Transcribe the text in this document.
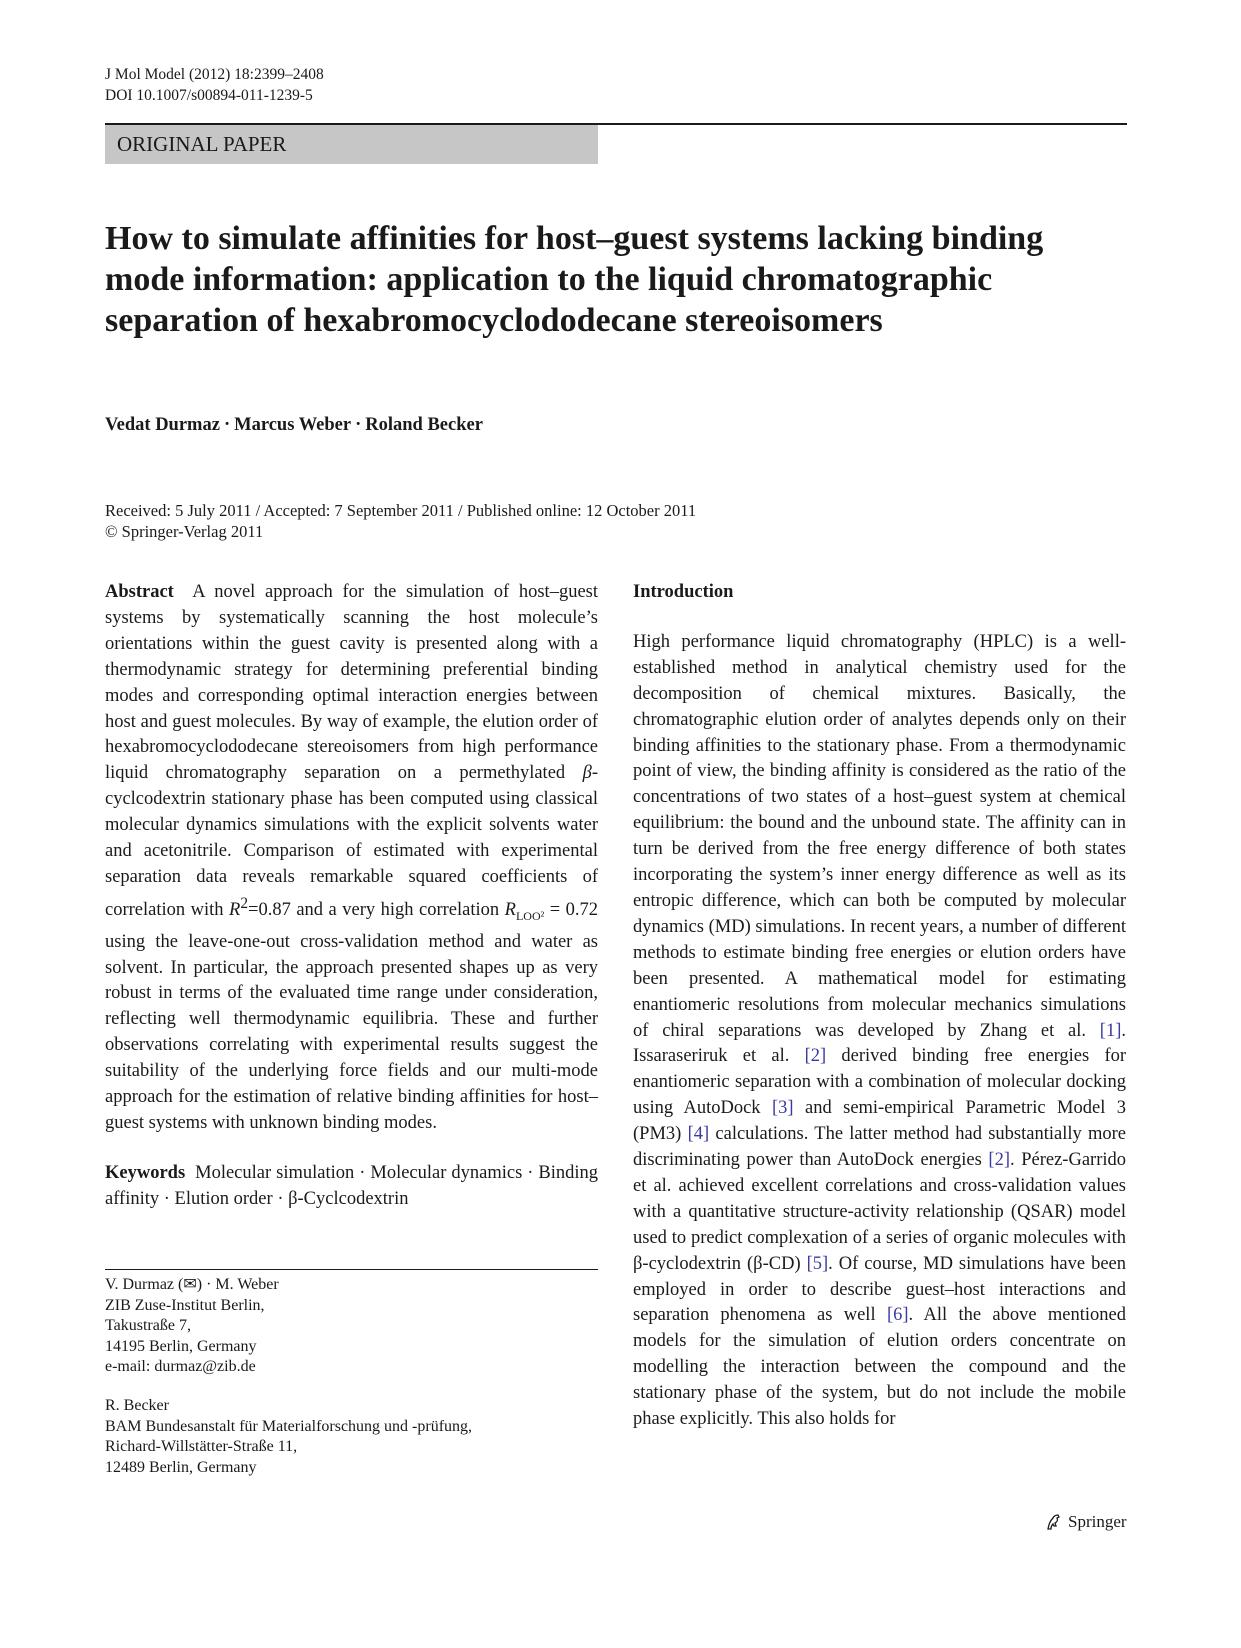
J Mol Model (2012) 18:2399–2408
DOI 10.1007/s00894-011-1239-5
ORIGINAL PAPER
How to simulate affinities for host–guest systems lacking binding mode information: application to the liquid chromatographic separation of hexabromocyclododecane stereoisomers
Vedat Durmaz · Marcus Weber · Roland Becker
Received: 5 July 2011 / Accepted: 7 September 2011 / Published online: 12 October 2011
© Springer-Verlag 2011

Abstract A novel approach for the simulation of host–guest systems by systematically scanning the host molecule’s orientations within the guest cavity is presented along with a thermodynamic strategy for determining preferential binding modes and corresponding optimal interaction energies between host and guest molecules. By way of example, the elution order of hexabromocyclododecane stereoisomers from high performance liquid chromatography separation on a permethylated β-cyclcodextrin stationary phase has been computed using classical molecular dynamics simulations with the explicit solvents water and acetonitrile. Comparison of estimated with experimental separation data reveals remarkable squared coefficients of correlation with $R^2=0.87$ and a very high correlation $R_{LOO^2} = 0.72$ using the leave-one-out cross-validation method and water as solvent. In particular, the approach presented shapes up as very robust in terms of the evaluated time range under consideration, reflecting well thermodynamic equilibria. These and further observations correlating with experimental results suggest the suitability of the underlying force fields and our multi-mode approach for the estimation of relative binding affinities for host–guest systems with unknown binding modes.

Keywords Molecular simulation · Molecular dynamics · Binding affinity · Elution order · β-Cyclcodextrin

V. Durmaz (✉) · M. Weber

ZIB Zuse-Institut Berlin,

Takustraße 7,

14195 Berlin, Germany

e-mail: durmaz@zib.de

R. Becker

BAM Bundesanstalt für Materialforschung und -prüfung,

Richard-Willstätter-Straße 11,

12489 Berlin, Germany

Introduction

High performance liquid chromatography (HPLC) is a well-established method in analytical chemistry used for the decomposition of chemical mixtures. Basically, the chromatographic elution order of analytes depends only on their binding affinities to the stationary phase. From a thermodynamic point of view, the binding affinity is considered as the ratio of the concentrations of two states of a host–guest system at chemical equilibrium: the bound and the unbound state. The affinity can in turn be derived from the free energy difference of both states incorporating the system’s inner energy difference as well as its entropic difference, which can both be computed by molecular dynamics (MD) simulations. In recent years, a number of different methods to estimate binding free energies or elution orders have been presented. A mathematical model for estimating enantiomeric resolutions from molecular mechanics simulations of chiral separations was developed by Zhang et al. [1]. Issaraseriruk et al. [2] derived binding free energies for enantiomeric separation with a combination of molecular docking using AutoDock [3] and semi-empirical Parametric Model 3 (PM3) [4] calculations. The latter method had substantially more discriminating power than AutoDock energies [2]. Pérez-Garrido et al. achieved excellent correlations and cross-validation values with a quantitative structure-activity relationship (QSAR) model used to predict complexation of a series of organic molecules with β-cyclodextrin (β-CD) [5]. Of course, MD simulations have been employed in order to describe guest–host interactions and separation phenomena as well [6]. All the above mentioned models for the simulation of elution orders concentrate on modelling the interaction between the compound and the stationary phase of the system, but do not include the mobile phase explicitly. This also holds for

Springer
